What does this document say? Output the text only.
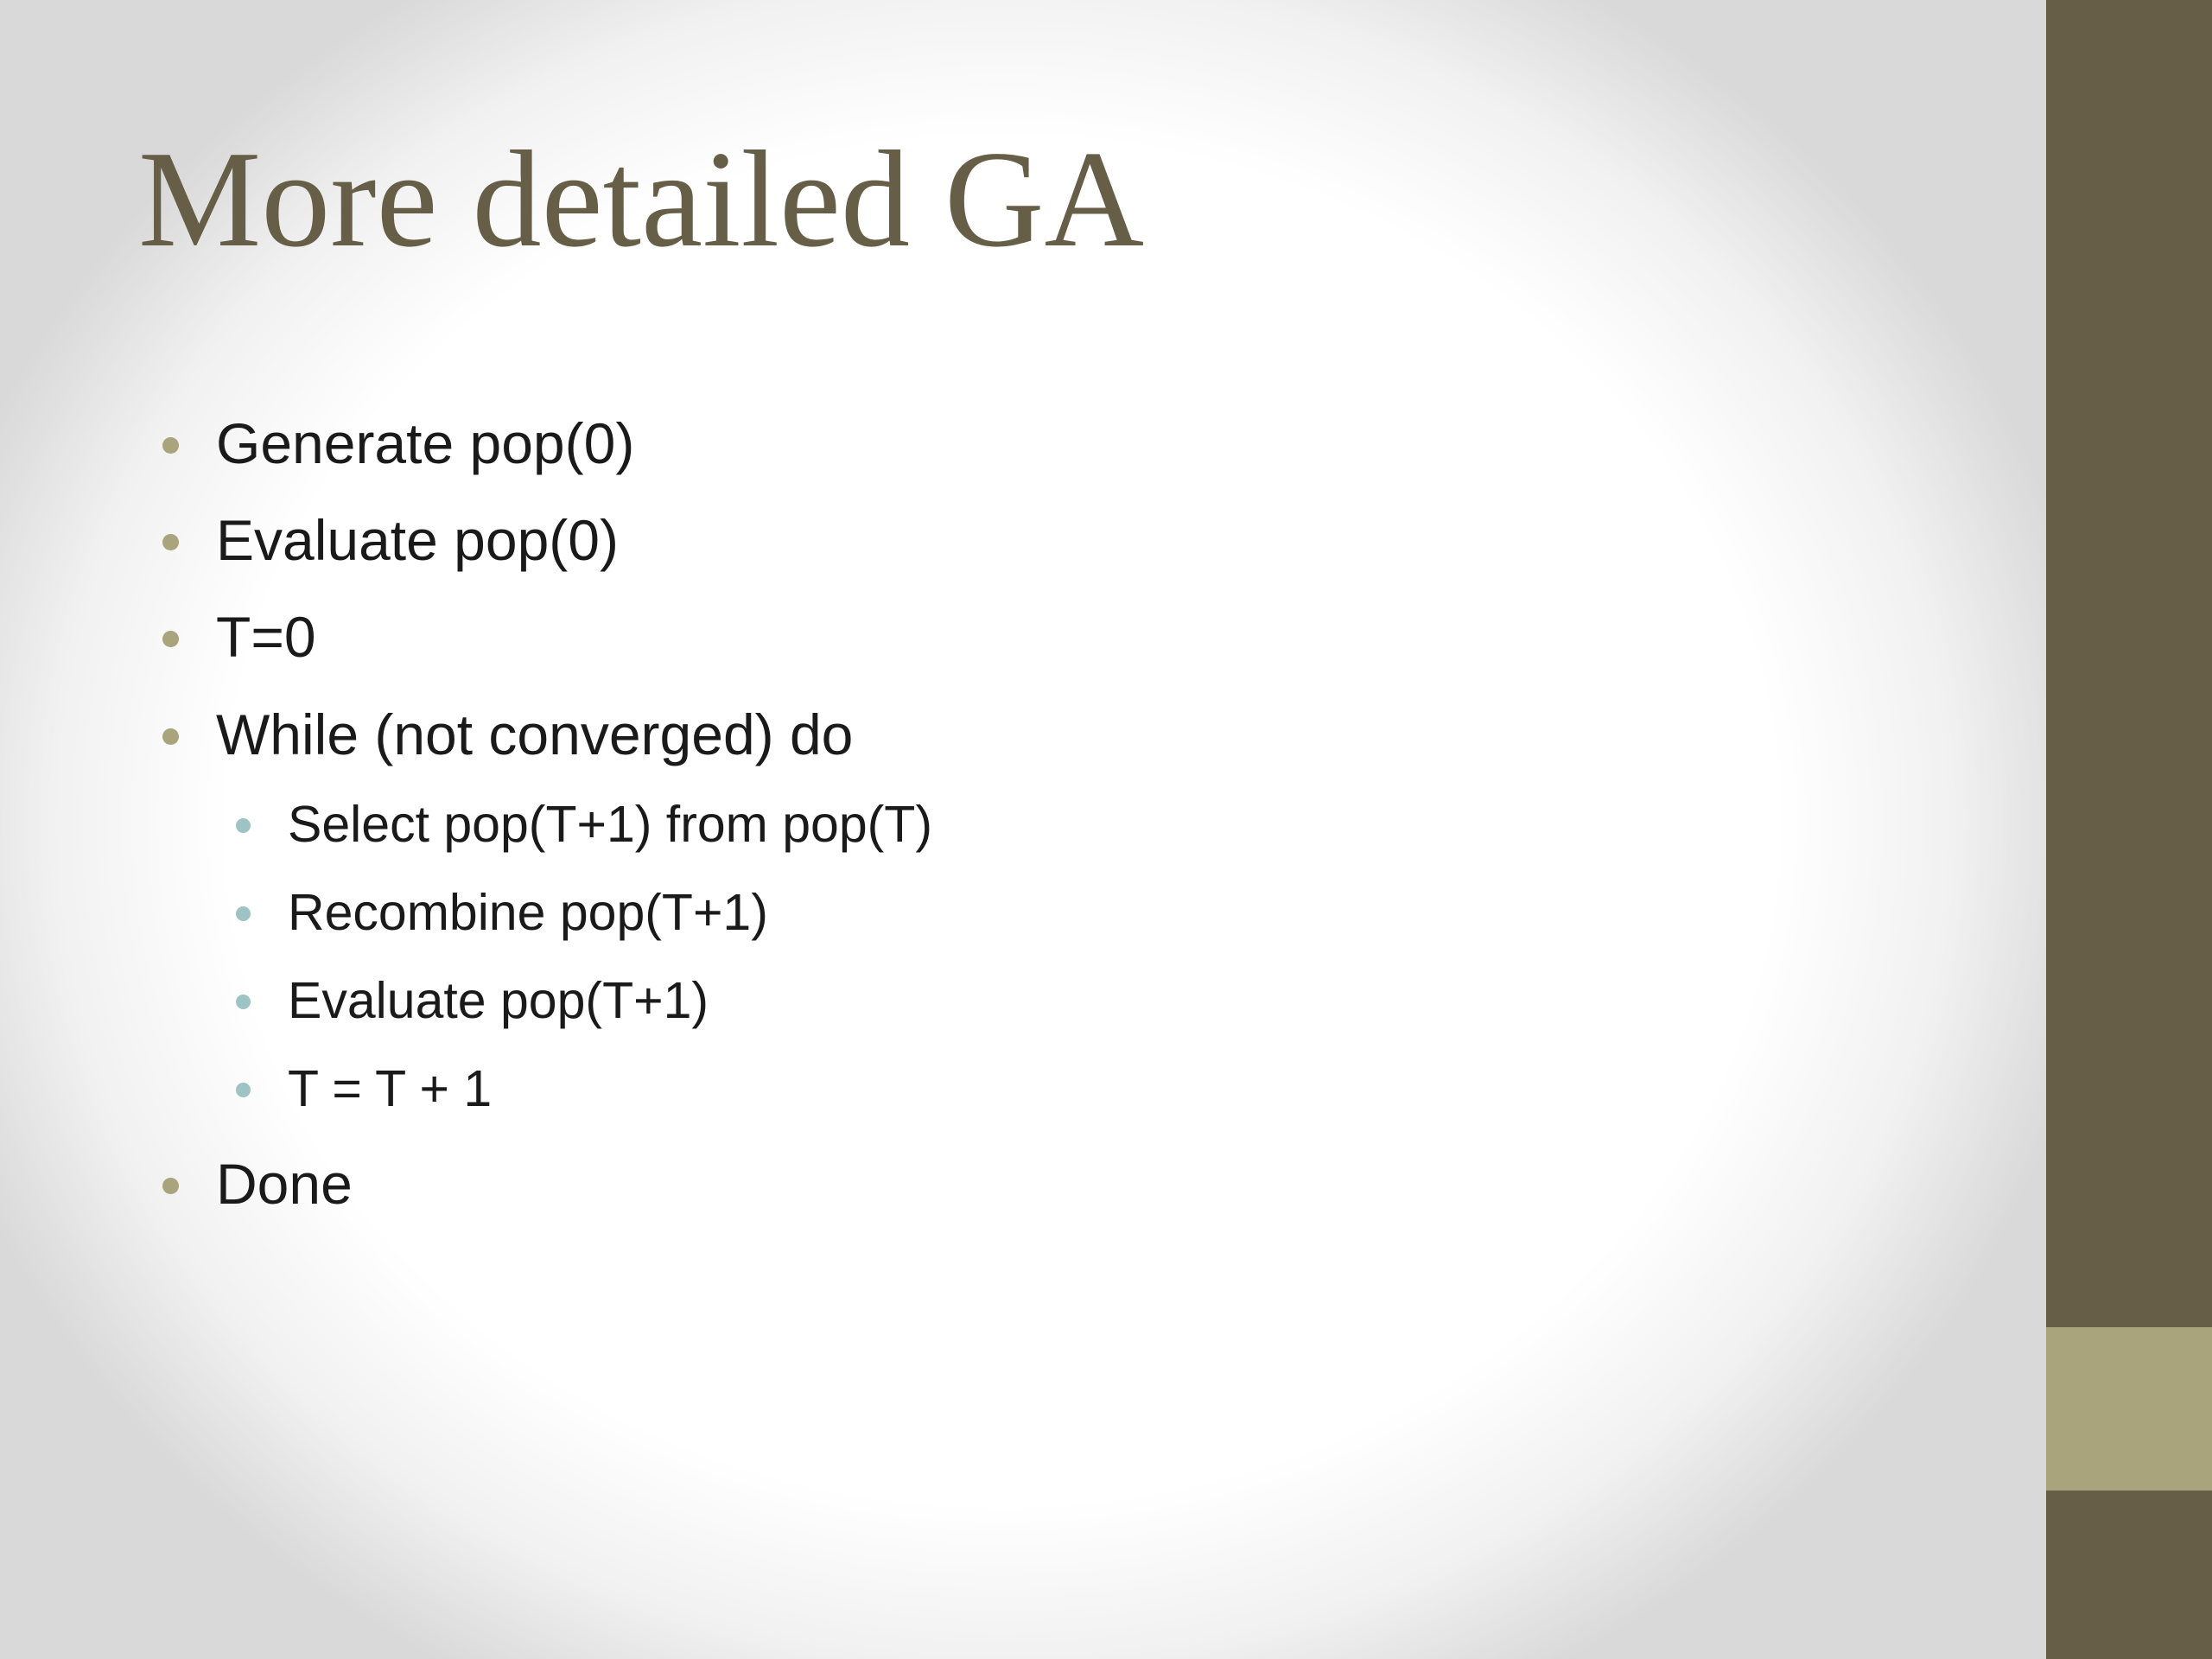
More detailed GA
Generate pop(0)
Evaluate pop(0)
T=0
While (not converged) do
Select pop(T+1) from pop(T)
Recombine pop(T+1)
Evaluate pop(T+1)
T = T + 1
Done
